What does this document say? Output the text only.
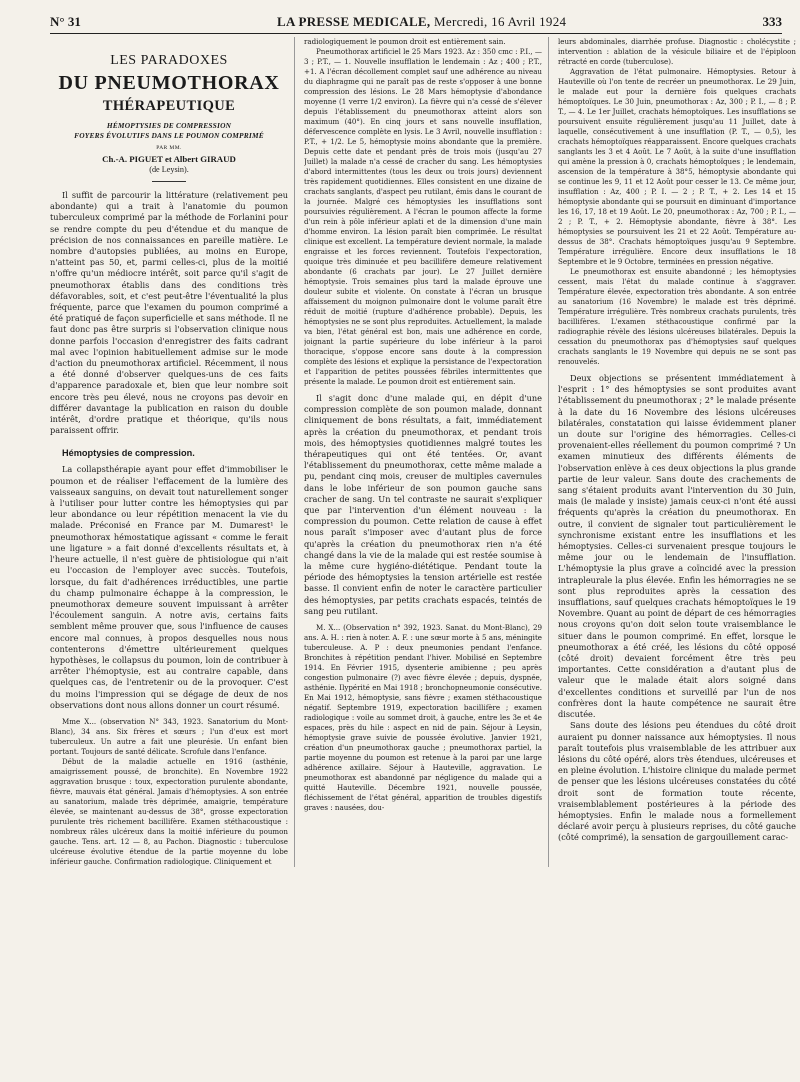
N° 31	LA PRESSE MEDICALE, Mercredi, 16 Avril 1924	333
LES PARADOXES
DU PNEUMOTHORAX
THÉRAPEUTIQUE
HÉMOPTYSIES DE COMPRESSION
FOYERS ÉVOLUTIFS DANS LE POUMON COMPRIMÉ
PAR MM.
Ch.-A. PIGUET et Albert GIRAUD
(de Leysin).

Il suffit de parcourir la littérature (relativement peu abondante) qui a trait à l'anatomie du poumon tuberculeux comprimé par la méthode de Forlanini pour se rendre compte du peu d'étendue et du manque de précision de nos connaissances en pareille matière. Le nombre d'autopsies publiées, au moins en Europe, n'atteint pas 50, et, parmi celles-ci, plus de la moitié n'offre qu'un médiocre intérêt, soit parce qu'il s'agit de pneumothorax établis dans des conditions très défavorables, soit, et c'est peut-être l'éventualité la plus fréquente, parce que l'examen du poumon comprimé a été pratiqué de façon superficielle et sans méthode. Il ne faut donc pas être surpris si l'observation clinique nous donne parfois l'occasion d'enregistrer des faits cadrant mal avec l'opinion habituellement admise sur le mode d'action du pneumothorax artificiel. Récemment, il nous a été donné d'observer quelques-uns de ces faits d'apparence paradoxale et, bien que leur nombre soit encore très peu élevé, nous ne croyons pas devoir en différer davantage la publication en raison du double intérêt, d'ordre pratique et théorique, qu'ils nous paraissent offrir.

Hémoptysies de compression.

La collapsthérapie ayant pour effet d'immobiliser le poumon et de réaliser l'effacement de la lumière des vaisseaux sanguins, on devait tout naturellement songer à l'utiliser pour lutter contre les hémoptysies qui par leur abondance ou leur répétition menacent la vie du malade. Préconisé en France par M. Dumarest¹ le pneumothorax hémostatique agissant « comme le ferait une ligature » a fait donné d'excellents résultats et, à l'heure actuelle, il n'est guère de phtisiologue qui n'ait eu l'occasion de l'employer avec succès. Toutefois, lorsque, du fait d'adhérences irréductibles, une partie du champ pulmonaire échappe à la compression, le pneumothorax demeure souvent impuissant à arrêter l'écoulement sanguin. A notre avis, certains faits semblent même prouver que, sous l'influence de causes encore mal connues, à propos desquelles nous nous contenterons d'émettre ultérieurement quelques hypothèses, le collapsus du poumon, loin de contribuer à arrêter l'hémoptysie, est au contraire capable, dans quelques cas, de l'entretenir ou de la provoquer. C'est du moins l'impression qui se dégage de deux de nos observations dont nous allons donner un court résumé.

Mme X... (observation N° 343, 1923. Sanatorium du Mont-Blanc), 34 ans. Six frères et sœurs ; l'un d'eux est mort tuberculeux. Un autre a fait une pleurésie. Un enfant bien portant. Toujours de santé délicate. Scrofule dans l'enfance.

Début de la maladie actuelle en 1916 (asthénie, amaigrissement poussé, de bronchite). En Novembre 1922 aggravation brusque : toux, expectoration purulente abondante, fièvre, mauvais état général. Jamais d'hémoptysies. A son entrée au sanatorium, malade très déprimée, amaigrie, température élevée, se maintenant au-dessus de 38°, grosse expectoration purulente très richement bacillifère. Examen stéthacoustique : nombreux râles ulcéreux dans la moitié inférieure du poumon gauche. Tens. art. 12 — 8, au Pachon. Diagnostic : tuberculose ulcéreuse évolutive étendue de la partie moyenne du lobe inférieur gauche. Confirmation radiologique. Cliniquement et

radiologiquement le poumon droit est entièrement sain.

Pneumothorax artificiel le 25 Mars 1923. Az : 350 cmc : P.I., — 3 ; P.T., — 1. Nouvelle insufflation le lendemain : Az ; 400 ; P.T., +1. A l'écran décollement complet sauf une adhérence au niveau du diaphragme qui ne paraît pas de reste s'opposer à une bonne compression des lésions. Le 28 Mars hémoptysie d'abondance moyenne (1 verre 1/2 environ). La fièvre qui n'a cessé de s'élever depuis l'établissement du pneumothorax atteint alors son maximum (40°). En cinq jours et sans nouvelle insufflation, défervescence complète en lysis. Le 3 Avril, nouvelle insufflation : P.T., + 1/2. Le 5, hémoptysie moins abondante que la première. Depuis cette date et pendant près de trois mois (jusqu'au 27 Juillet) la malade n'a cessé de cracher du sang. Les hémoptysies d'abord intermittentes (tous les deux ou trois jours) deviennent très rapidement quotidiennes. Elles consistent en une dizaine de crachats sanglants, d'aspect peu rutilant, émis dans le courant de la journée. Malgré ces hémoptysies les insufflations sont poursuivies régulièrement. A l'écran le poumon affecte la forme d'un rein à pôle inférieur aplati et de la dimension d'une main d'homme environ. La lésion paraît bien comprimée. Le résultat clinique est excellent. La température devient normale, la malade engraisse et les forces reviennent. Toutefois l'expectoration, quoique très diminuée et peu bacillifère demeure relativement abondante (6 crachats par jour). Le 27 Juillet dernière hémoptysie. Trois semaines plus tard la malade éprouve une douleur subite et violente. On constate à l'écran un brusque affaissement du moignon pulmonaire dont le volume paraît être réduit de moitié (rupture d'adhérence probable). Depuis, les hémoptysies ne se sont plus reproduites. Actuellement, la malade va bien, l'état général est bon, mais une adhérence en corde, joignant la partie supérieure du lobe inférieur à la paroi thoracique, s'oppose encore sans doute à la compression complète des lésions et explique la persistance de l'expectoration et l'apparition de petites poussées fébriles intermittentes que présente la malade. Le poumon droit est entièrement sain.

Il s'agit donc d'une malade qui, en dépit d'une compression complète de son poumon malade, donnant cliniquement de bons résultats, a fait, immédiatement après la création du pneumothorax, et pendant trois mois, des hémoptysies quotidiennes malgré toutes les thérapeutiques qui ont été tentées. Or, avant l'établissement du pneumothorax, cette même malade a pu, pendant cinq mois, creuser de multiples cavernules dans le lobe inférieur de son poumon gauche sans cracher de sang. Un tel contraste ne saurait s'expliquer que par l'intervention d'un élément nouveau : la compression du poumon. Cette relation de cause à effet nous paraît s'imposer avec d'autant plus de force qu'après la création du pneumothorax rien n'a été changé dans la vie de la malade qui est restée soumise à la même cure hygiéno-diététique. Pendant toute la période des hémoptysies la tension artérielle est restée basse. Il convient enfin de noter le caractère particulier des hémoptysies, par petits crachats espacés, teintés de sang peu rutilant.

M. X... (Observation n° 392, 1923. Sanat. du Mont-Blanc), 29 ans. A. H. : rien à noter. A. F. : une sœur morte à 5 ans, méningite tuberculeuse. A. P : deux pneumonies pendant l'enfance. Bronchites à répétition pendant l'hiver. Mobilisé en Septembre 1914. En Février 1915, dysenterie amibienne ; peu après congestion pulmonaire (?) avec fièvre élevée ; depuis, dyspnée, asthénie. Ilypérité en Mai 1918 ; bronchopneumonie consécutive. En Mai 1912, hémoptysie, sans fièvre ; examen stéthacoustique négatif. Septembre 1919, expectoration bacillifère ; examen radiologique : voile au sommet droit, à gauche, entre les 3e et 4e espaces, près du hile : aspect en nid de pain. Séjour à Leysin, hémoptysie grave suivie de poussée évolutive. Janvier 1921, création d'un pneumothorax gauche ; pneumothorax partiel, la partie moyenne du poumon est retenue à la paroi par une large adhérence axillaire. Séjour à Hauteville, aggravation. Le pneumothorax est abandonné par négligence du malade qui a quitté Hauteville. Décembre 1921, nouvelle poussée, fléchissement de l'état général, apparition de troubles digestifs graves : nausées, dou-

leurs abdominales, diarrhée profuse. Diagnostic : cholécystite ; intervention : ablation de la vésicule biliaire et de l'épiploon rétracté en corde (tuberculose).

Aggravation de l'état pulmonaire. Hémoptysies. Retour à Hauteville où l'on tente de recréer un pneumothorax. Le 29 Juin, le malade eut pour la dernière fois quelques crachats hémoptoïques. Le 30 Juin, pneumothorax : Az, 300 ; P. I., — 8 ; P. T., — 4. Le 1er Juillet, crachats hémoptoïques. Les insufflations se poursuivent ensuite régulièrement jusqu'au 11 Juillet, date à laquelle, consécutivement à une insufflation (P. T., — 0,5), les crachats hémoptoïques réapparaissent. Encore quelques crachats sanglants les 3 et 4 Août. Le 7 Août, à la suite d'une insufflation qui amène la pression à 0, crachats hémoptoïques ; le lendemain, ascension de la température à 38°5, hémoptysie abondante qui se continue les 9, 11 et 12 Août pour cesser le 13. Ce même jour, insufflation : Az, 400 ; P. I. — 2 ; P. T., + 2. Les 14 et 15 hémoptysie abondante qui se poursuit en diminuant d'importance les 16, 17, 18 et 19 Août. Le 20, pneumothorax : Az, 700 ; P. I., — 2 ; P. T., + 2. Hémoptysie abondante, fièvre à 38°. Les hémoptysies se poursuivent les 21 et 22 Août. Température au-dessus de 38°. Crachats hémoptoïques jusqu'au 9 Septembre. Température irrégulière. Encore deux insufflations le 18 Septembre et le 9 Octobre, terminées en pression négative.

Le pneumothorax est ensuite abandonné ; les hémoptysies cessent, mais l'état du malade continue à s'aggraver. Température élevée, expectoration très abondante. A son entrée au sanatorium (16 Novembre) le malade est très déprimé. Température irrégulière. Très nombreux crachats purulents, très bacillifères. L'examen stéthacoustique confirmé par la radiographie révèle des lésions ulcéreuses bilatérales. Depuis la cessation du pneumothorax pas d'hémoptysies sauf quelques crachats sanglants le 19 Novembre qui depuis ne se sont pas renouvelés.

Deux objections se présentent immédiatement à l'esprit : 1° des hémoptysies se sont produites avant l'établissement du pneumothorax ; 2° le malade présente à la date du 16 Novembre des lésions ulcéreuses bilatérales, constatation qui laisse évidemment planer un doute sur l'origine des hémorragies. Celles-ci provenaient-elles réellement du poumon comprimé ? Un examen minutieux des différents éléments de l'observation enlève à ces deux objections la plus grande partie de leur valeur. Sans doute des crachements de sang s'étaient produits avant l'intervention du 30 Juin, mais (le malade y insiste) jamais ceux-ci n'ont été aussi fréquents qu'après la création du pneumothorax. En outre, il convient de signaler tout particulièrement le synchronisme existant entre les insufflations et les hémoptysies. Celles-ci survenaient presque toujours le même jour ou le lendemain de l'insufflation. L'hémoptysie la plus grave a coïncidé avec la pression intrapleurale la plus élevée. Enfin les hémorragies ne se sont plus reproduites après la cessation des insufflations, sauf quelques crachats hémoptoïques le 19 Novembre. Quant au point de départ de ces hémorragies nous croyons qu'on doit selon toute vraisemblance le situer dans le poumon comprimé. En effet, lorsque le pneumothorax a été créé, les lésions du côté opposé (côté droit) devaient forcément être très peu importantes. Cette considération a d'autant plus de valeur que le malade était alors soigné dans d'excellentes conditions et surveillé par l'un de nos confrères dont la haute compétence ne saurait être discutée.

Sans doute des lésions peu étendues du côté droit auraient pu donner naissance aux hémoptysies. Il nous paraît toutefois plus vraisemblable de les attribuer aux lésions du côté opéré, alors très étendues, ulcéreuses et en pleine évolution. L'histoire clinique du malade permet de penser que les lésions ulcéreuses constatées du côté droit sont de formation toute récente, vraisemblablement postérieures à la période des hémoptysies. Enfin le malade nous a formellement déclaré avoir perçu à plusieurs reprises, du côté gauche (côté comprimé), la sensation de gargouillement carac-
